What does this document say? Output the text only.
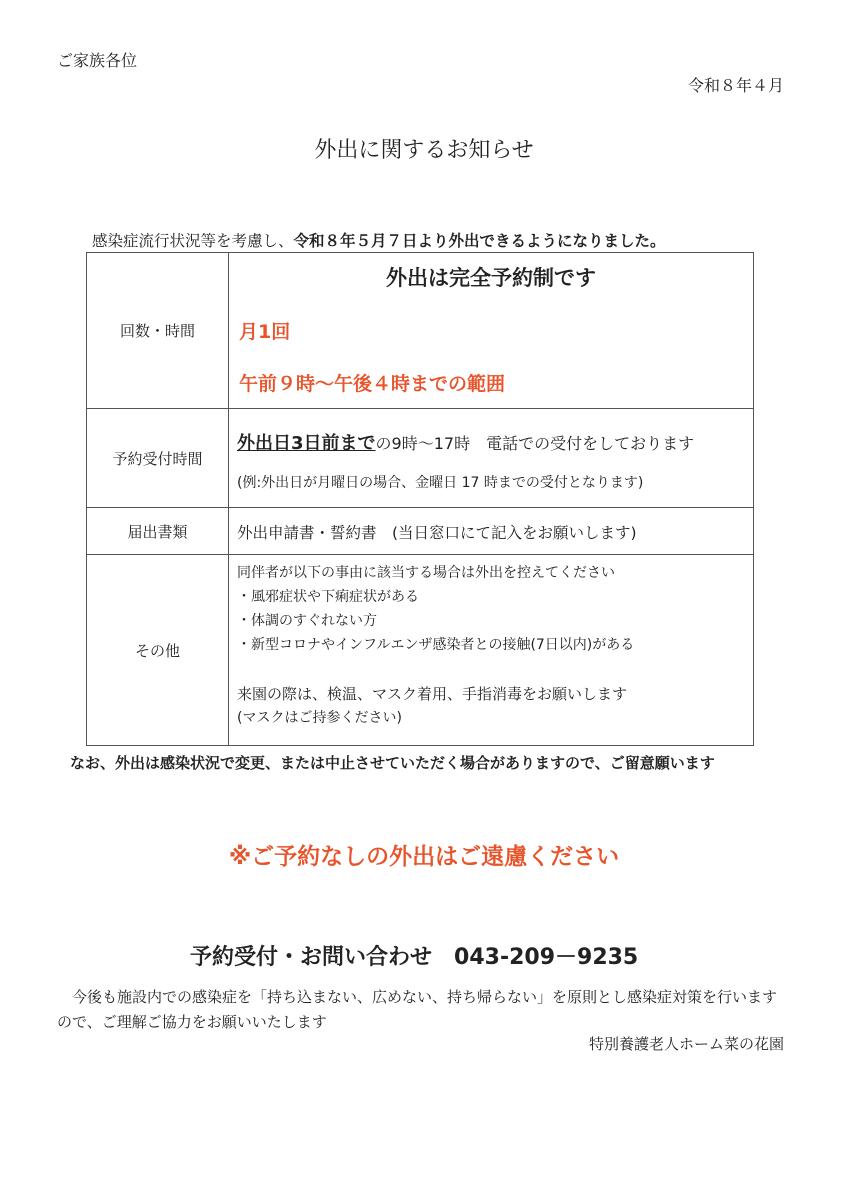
ご家族各位
令和８年４月
外出に関するお知らせ
感染症流行状況等を考慮し、令和８年５月７日より外出できるようになりました。
回数・時間
外出は完全予約制です
月1回
午前９時～午後４時までの範囲
予約受付時間
外出日3日前までの9時～17時　電話での受付をしております
(例:外出日が月曜日の場合、金曜日 17 時までの受付となります)
届出書類	外出申請書・誓約書　(当日窓口にて記入をお願いします)
その他
同伴者が以下の事由に該当する場合は外出を控えてください
・風邪症状や下痢症状がある
・体調のすぐれない方
・新型コロナやインフルエンザ感染者との接触(7日以内)がある
来園の際は、検温、マスク着用、手指消毒をお願いします
(マスクはご持参ください)
なお、外出は感染状況で変更、または中止させていただく場合がありますので、ご留意願います
※ご予約なしの外出はご遠慮ください
予約受付・お問い合わせ　 043-209－9235
今後も施設内での感染症を「持ち込まない、広めない、持ち帰らない」を原則とし感染症対策を行います
ので、ご理解ご協力をお願いいたします
特別養護老人ホーム菜の花園
